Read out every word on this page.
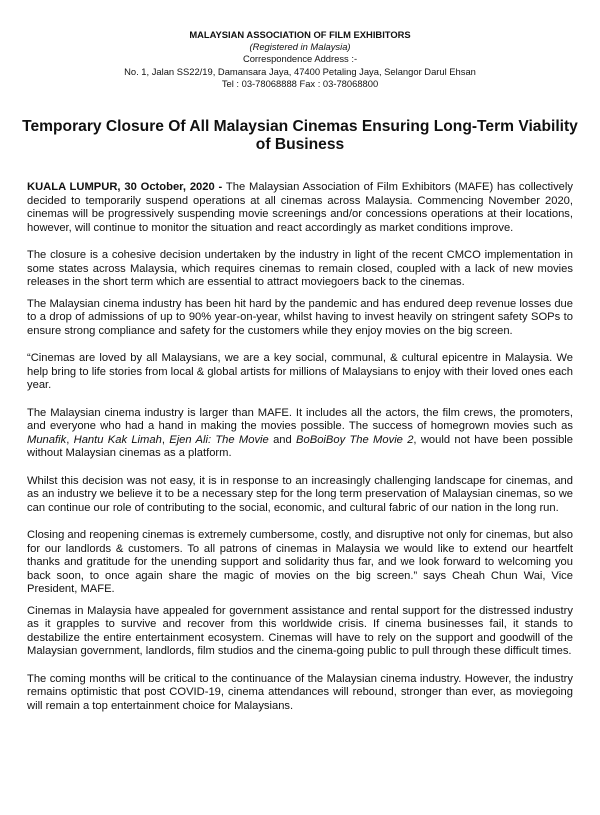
MALAYSIAN ASSOCIATION OF FILM EXHIBITORS
(Registered in Malaysia)
Correspondence Address :-
No. 1, Jalan SS22/19, Damansara Jaya, 47400 Petaling Jaya, Selangor Darul Ehsan
Tel : 03-78068888 Fax : 03-78068800
Temporary Closure Of All Malaysian Cinemas Ensuring Long-Term Viability of Business

KUALA LUMPUR, 30 October, 2020 - The Malaysian Association of Film Exhibitors (MAFE) has collectively decided to temporarily suspend operations at all cinemas across Malaysia. Commencing November 2020, cinemas will be progressively suspending movie screenings and/or concessions operations at their locations, however, will continue to monitor the situation and react accordingly as market conditions improve.

The closure is a cohesive decision undertaken by the industry in light of the recent CMCO implementation in some states across Malaysia, which requires cinemas to remain closed, coupled with a lack of new movies releases in the short term which are essential to attract moviegoers back to the cinemas.

The Malaysian cinema industry has been hit hard by the pandemic and has endured deep revenue losses due to a drop of admissions of up to 90% year-on-year, whilst having to invest heavily on stringent safety SOPs to ensure strong compliance and safety for the customers while they enjoy movies on the big screen.

“Cinemas are loved by all Malaysians, we are a key social, communal, & cultural epicentre in Malaysia. We help bring to life stories from local & global artists for millions of Malaysians to enjoy with their loved ones each year.

The Malaysian cinema industry is larger than MAFE. It includes all the actors, the film crews, the promoters, and everyone who had a hand in making the movies possible. The success of homegrown movies such as Munafik, Hantu Kak Limah, Ejen Ali: The Movie and BoBoiBoy The Movie 2, would not have been possible without Malaysian cinemas as a platform.

Whilst this decision was not easy, it is in response to an increasingly challenging landscape for cinemas, and as an industry we believe it to be a necessary step for the long term preservation of Malaysian cinemas, so we can continue our role of contributing to the social, economic, and cultural fabric of our nation in the long run.

Closing and reopening cinemas is extremely cumbersome, costly, and disruptive not only for cinemas, but also for our landlords & customers. To all patrons of cinemas in Malaysia we would like to extend our heartfelt thanks and gratitude for the unending support and solidarity thus far, and we look forward to welcoming you back soon, to once again share the magic of movies on the big screen.” says Cheah Chun Wai, Vice President, MAFE.

Cinemas in Malaysia have appealed for government assistance and rental support for the distressed industry as it grapples to survive and recover from this worldwide crisis. If cinema businesses fail, it stands to destabilize the entire entertainment ecosystem. Cinemas will have to rely on the support and goodwill of the Malaysian government, landlords, film studios and the cinema-going public to pull through these difficult times.

The coming months will be critical to the continuance of the Malaysian cinema industry. However, the industry remains optimistic that post COVID-19, cinema attendances will rebound, stronger than ever, as moviegoing will remain a top entertainment choice for Malaysians.
